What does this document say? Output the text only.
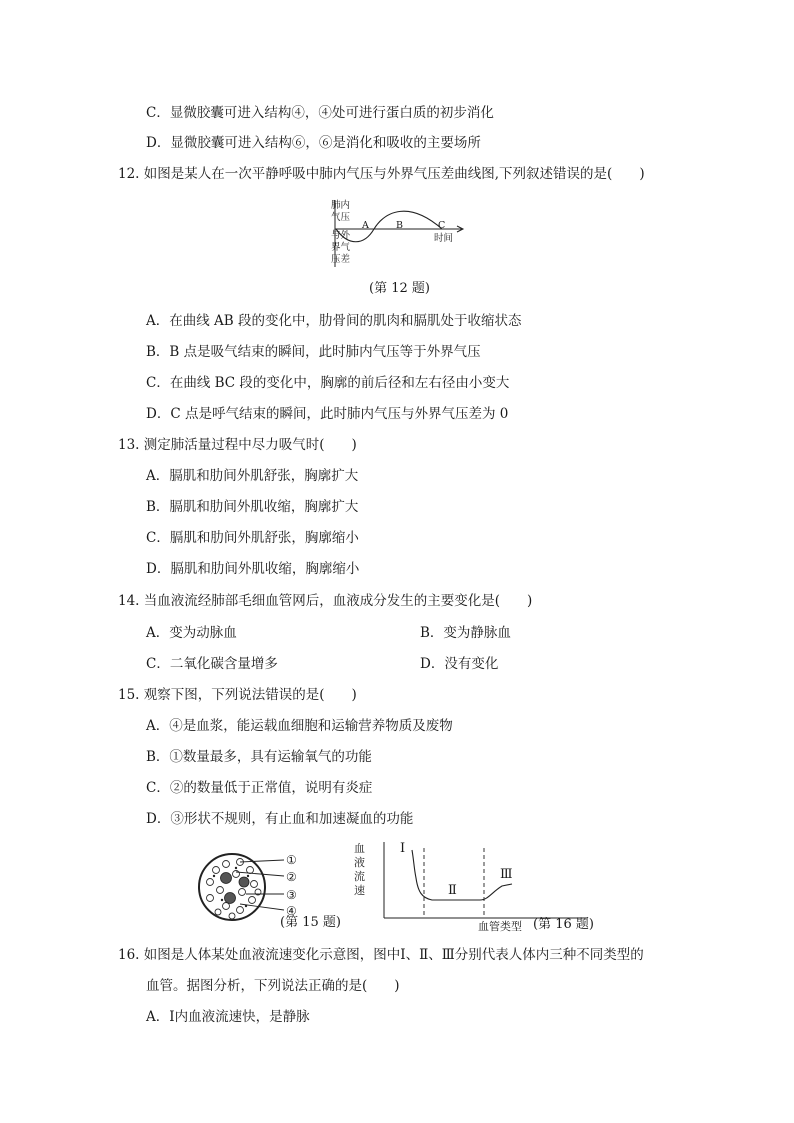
C．显微胶囊可进入结构④，④处可进行蛋白质的初步消化
D．显微胶囊可进入结构⑥，⑥是消化和吸收的主要场所
12. 如图是某人在一次平静呼吸中肺内气压与外界气压差曲线图,下列叙述错误的是(　　)
肺内
气压
与外
界气
压差
A	B	C
时间
(第 12 题)
A．在曲线 AB 段的变化中，肋骨间的肌肉和膈肌处于收缩状态
B．B 点是吸气结束的瞬间，此时肺内气压等于外界气压
C．在曲线 BC 段的变化中，胸廓的前后径和左右径由小变大
D．C 点是呼气结束的瞬间，此时肺内气压与外界气压差为 0
13. 测定肺活量过程中尽力吸气时(　　)
A．膈肌和肋间外肌舒张，胸廓扩大
B．膈肌和肋间外肌收缩，胸廓扩大
C．膈肌和肋间外肌舒张，胸廓缩小
D．膈肌和肋间外肌收缩，胸廓缩小
14. 当血液流经肺部毛细血管网后，血液成分发生的主要变化是(　　)
A．变为动脉血	B．变为静脉血
C．二氧化碳含量增多	D．没有变化
15. 观察下图，下列说法错误的是(　　)
A．④是血浆，能运载血细胞和运输营养物质及废物
B．①数量最多，具有运输氧气的功能
C．②的数量低于正常值，说明有炎症
D．③形状不规则，有止血和加速凝血的功能
①
②
③
④
(第 15 题)
血
液
流
速
血管类型
Ⅰ
Ⅱ
Ⅲ
(第 16 题)
16. 如图是人体某处血液流速变化示意图，图中Ⅰ、Ⅱ、Ⅲ分别代表人体内三种不同类型的
血管。据图分析，下列说法正确的是(　　)
A．Ⅰ内血液流速快，是静脉
